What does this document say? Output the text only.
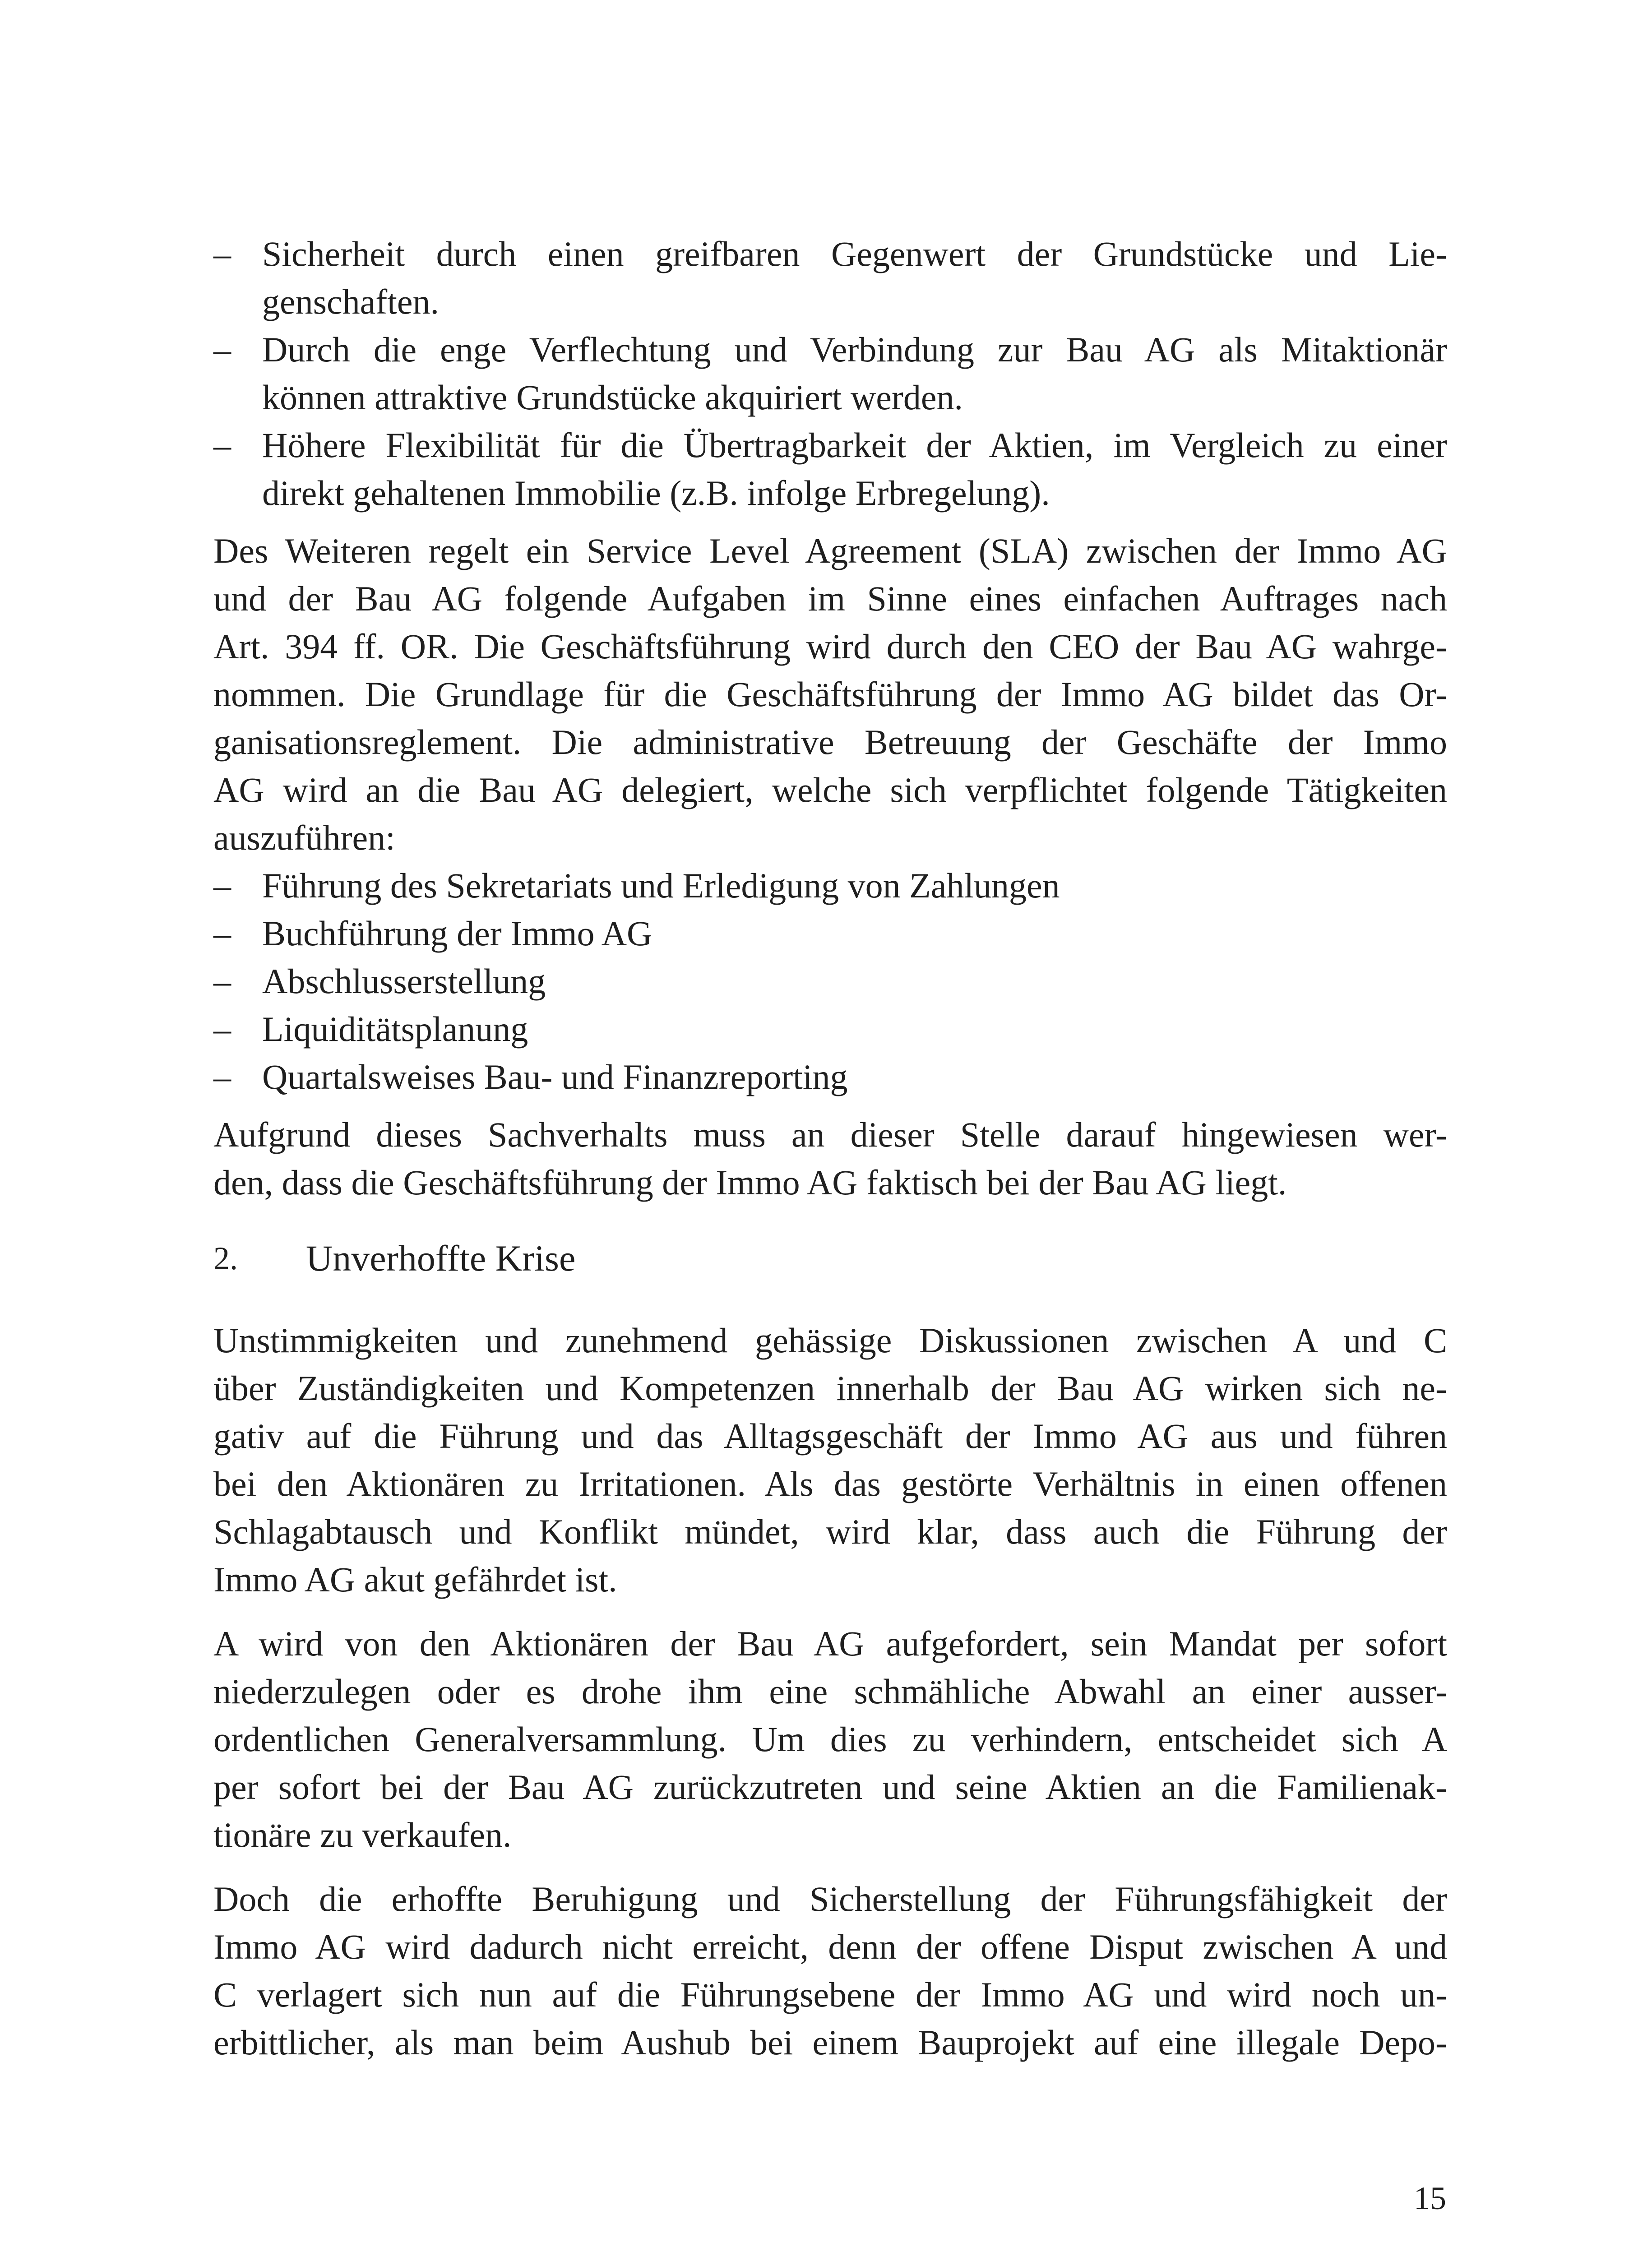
– Sicherheit durch einen greifbaren Gegenwert der Grundstücke und Lie-
genschaften.
– Durch die enge Verflechtung und Verbindung zur Bau AG als Mitaktionär
können attraktive Grundstücke akquiriert werden.
– Höhere Flexibilität für die Übertragbarkeit der Aktien, im Vergleich zu einer
direkt gehaltenen Immobilie (z.B. infolge Erbregelung).

Des Weiteren regelt ein Service Level Agreement (SLA) zwischen der Immo AG
und der Bau AG folgende Aufgaben im Sinne eines einfachen Auftrages nach
Art. 394 ff. OR. Die Geschäftsführung wird durch den CEO der Bau AG wahrge-
nommen. Die Grundlage für die Geschäftsführung der Immo AG bildet das Or-
ganisationsreglement. Die administrative Betreuung der Geschäfte der Immo
AG wird an die Bau AG delegiert, welche sich verpflichtet folgende Tätigkeiten
auszuführen:

– Führung des Sekretariats und Erledigung von Zahlungen
– Buchführung der Immo AG
– Abschlusserstellung
– Liquiditätsplanung
– Quartalsweises Bau- und Finanzreporting

Aufgrund dieses Sachverhalts muss an dieser Stelle darauf hingewiesen wer-
den, dass die Geschäftsführung der Immo AG faktisch bei der Bau AG liegt.

2. Unverhoffte Krise

Unstimmigkeiten und zunehmend gehässige Diskussionen zwischen A und C
über Zuständigkeiten und Kompetenzen innerhalb der Bau AG wirken sich ne-
gativ auf die Führung und das Alltagsgeschäft der Immo AG aus und führen
bei den Aktionären zu Irritationen. Als das gestörte Verhältnis in einen offenen
Schlagabtausch und Konflikt mündet, wird klar, dass auch die Führung der
Immo AG akut gefährdet ist.

A wird von den Aktionären der Bau AG aufgefordert, sein Mandat per sofort
niederzulegen oder es drohe ihm eine schmähliche Abwahl an einer ausser-
ordentlichen Generalversammlung. Um dies zu verhindern, entscheidet sich A
per sofort bei der Bau AG zurückzutreten und seine Aktien an die Familienak-
tionäre zu verkaufen.

Doch die erhoffte Beruhigung und Sicherstellung der Führungsfähigkeit der
Immo AG wird dadurch nicht erreicht, denn der offene Disput zwischen A und
C verlagert sich nun auf die Führungsebene der Immo AG und wird noch un-
erbittlicher, als man beim Aushub bei einem Bauprojekt auf eine illegale Depo-

15
